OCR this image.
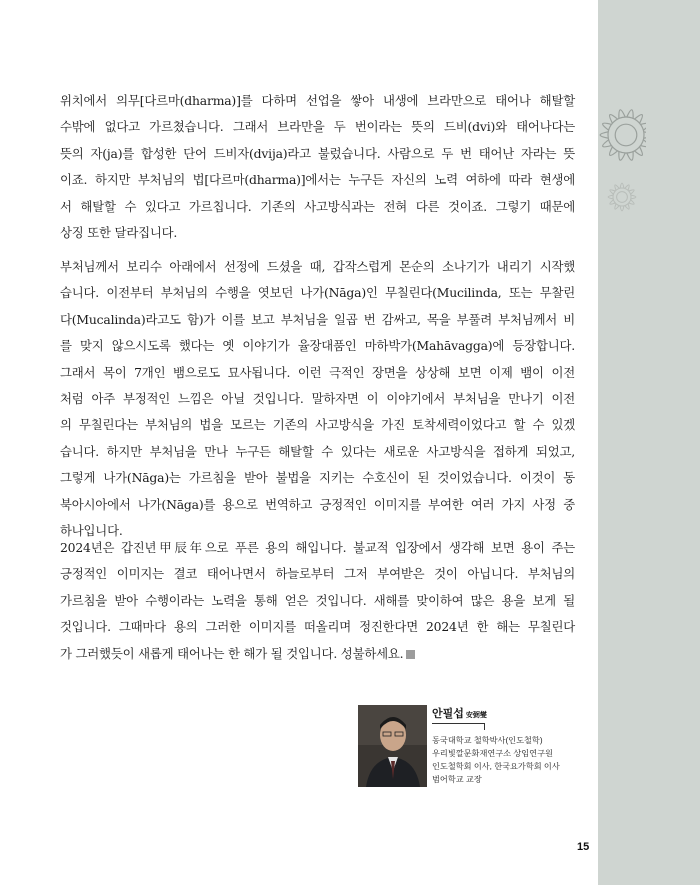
위치에서 의무[다르마(dharma)]를 다하며 선업을 쌓아 내생에 브라만으로 태어나 해탈할
수밖에 없다고 가르쳤습니다. 그래서 브라만을 두 번이라는 뜻의 드비(dvi)와 태어나다는
뜻의 자(ja)를 합성한 단어 드비자(dvija)라고 불렀습니다. 사람으로 두 번 태어난 자라는 뜻
이죠. 하지만 부처님의 법[다르마(dharma)]에서는 누구든 자신의 노력 여하에 따라 현생에
서 해탈할 수 있다고 가르칩니다. 기존의 사고방식과는 전혀 다른 것이죠. 그렇기 때문에
상징 또한 달라집니다.
부처님께서 보리수 아래에서 선정에 드셨을 때, 갑작스럽게 몬순의 소나기가 내리기 시작했
습니다. 이전부터 부처님의 수행을 엿보던 나가(Nāga)인 무칠린다(Mucilinda, 또는 무찰린
다(Mucalinda)라고도 함)가 이를 보고 부처님을 일곱 번 감싸고, 목을 부풀려 부처님께서 비
를 맞지 않으시도록 했다는 옛 이야기가 율장대품인 마하박가(Mahāvagga)에 등장합니다.
그래서 목이 7개인 뱀으로도 묘사됩니다. 이런 극적인 장면을 상상해 보면 이제 뱀이 이전
처럼 아주 부정적인 느낌은 아닐 것입니다. 말하자면 이 이야기에서 부처님을 만나기 이전
의 무칠린다는 부처님의 법을 모르는 기존의 사고방식을 가진 토착세력이었다고 할 수 있겠
습니다. 하지만 부처님을 만나 누구든 해탈할 수 있다는 새로운 사고방식을 접하게 되었고,
그렇게 나가(Nāga)는 가르침을 받아 불법을 지키는 수호신이 된 것이었습니다. 이것이 동
북아시아에서 나가(Nāga)를 용으로 번역하고 긍정적인 이미지를 부여한 여러 가지 사정 중
하나입니다.
2024년은 갑진년甲辰年으로 푸른 용의 해입니다. 불교적 입장에서 생각해 보면 용이 주는
긍정적인 이미지는 결코 태어나면서 하늘로부터 그저 부여받은 것이 아닙니다. 부처님의
가르침을 받아 수행이라는 노력을 통해 얻은 것입니다. 새해를 맞이하여 많은 용을 보게 될
것입니다. 그때마다 용의 그러한 이미지를 떠올리며 정진한다면 2024년 한 해는 무칠린다
가 그러했듯이 새롭게 태어나는 한 해가 될 것입니다. 성불하세요.
안필섭 安弼燮
동국대학교 철학박사(인도철학)
우리빛깔문화재연구소 상임연구원
인도철학회 이사, 한국요가학회 이사
범어학교 교장
15
